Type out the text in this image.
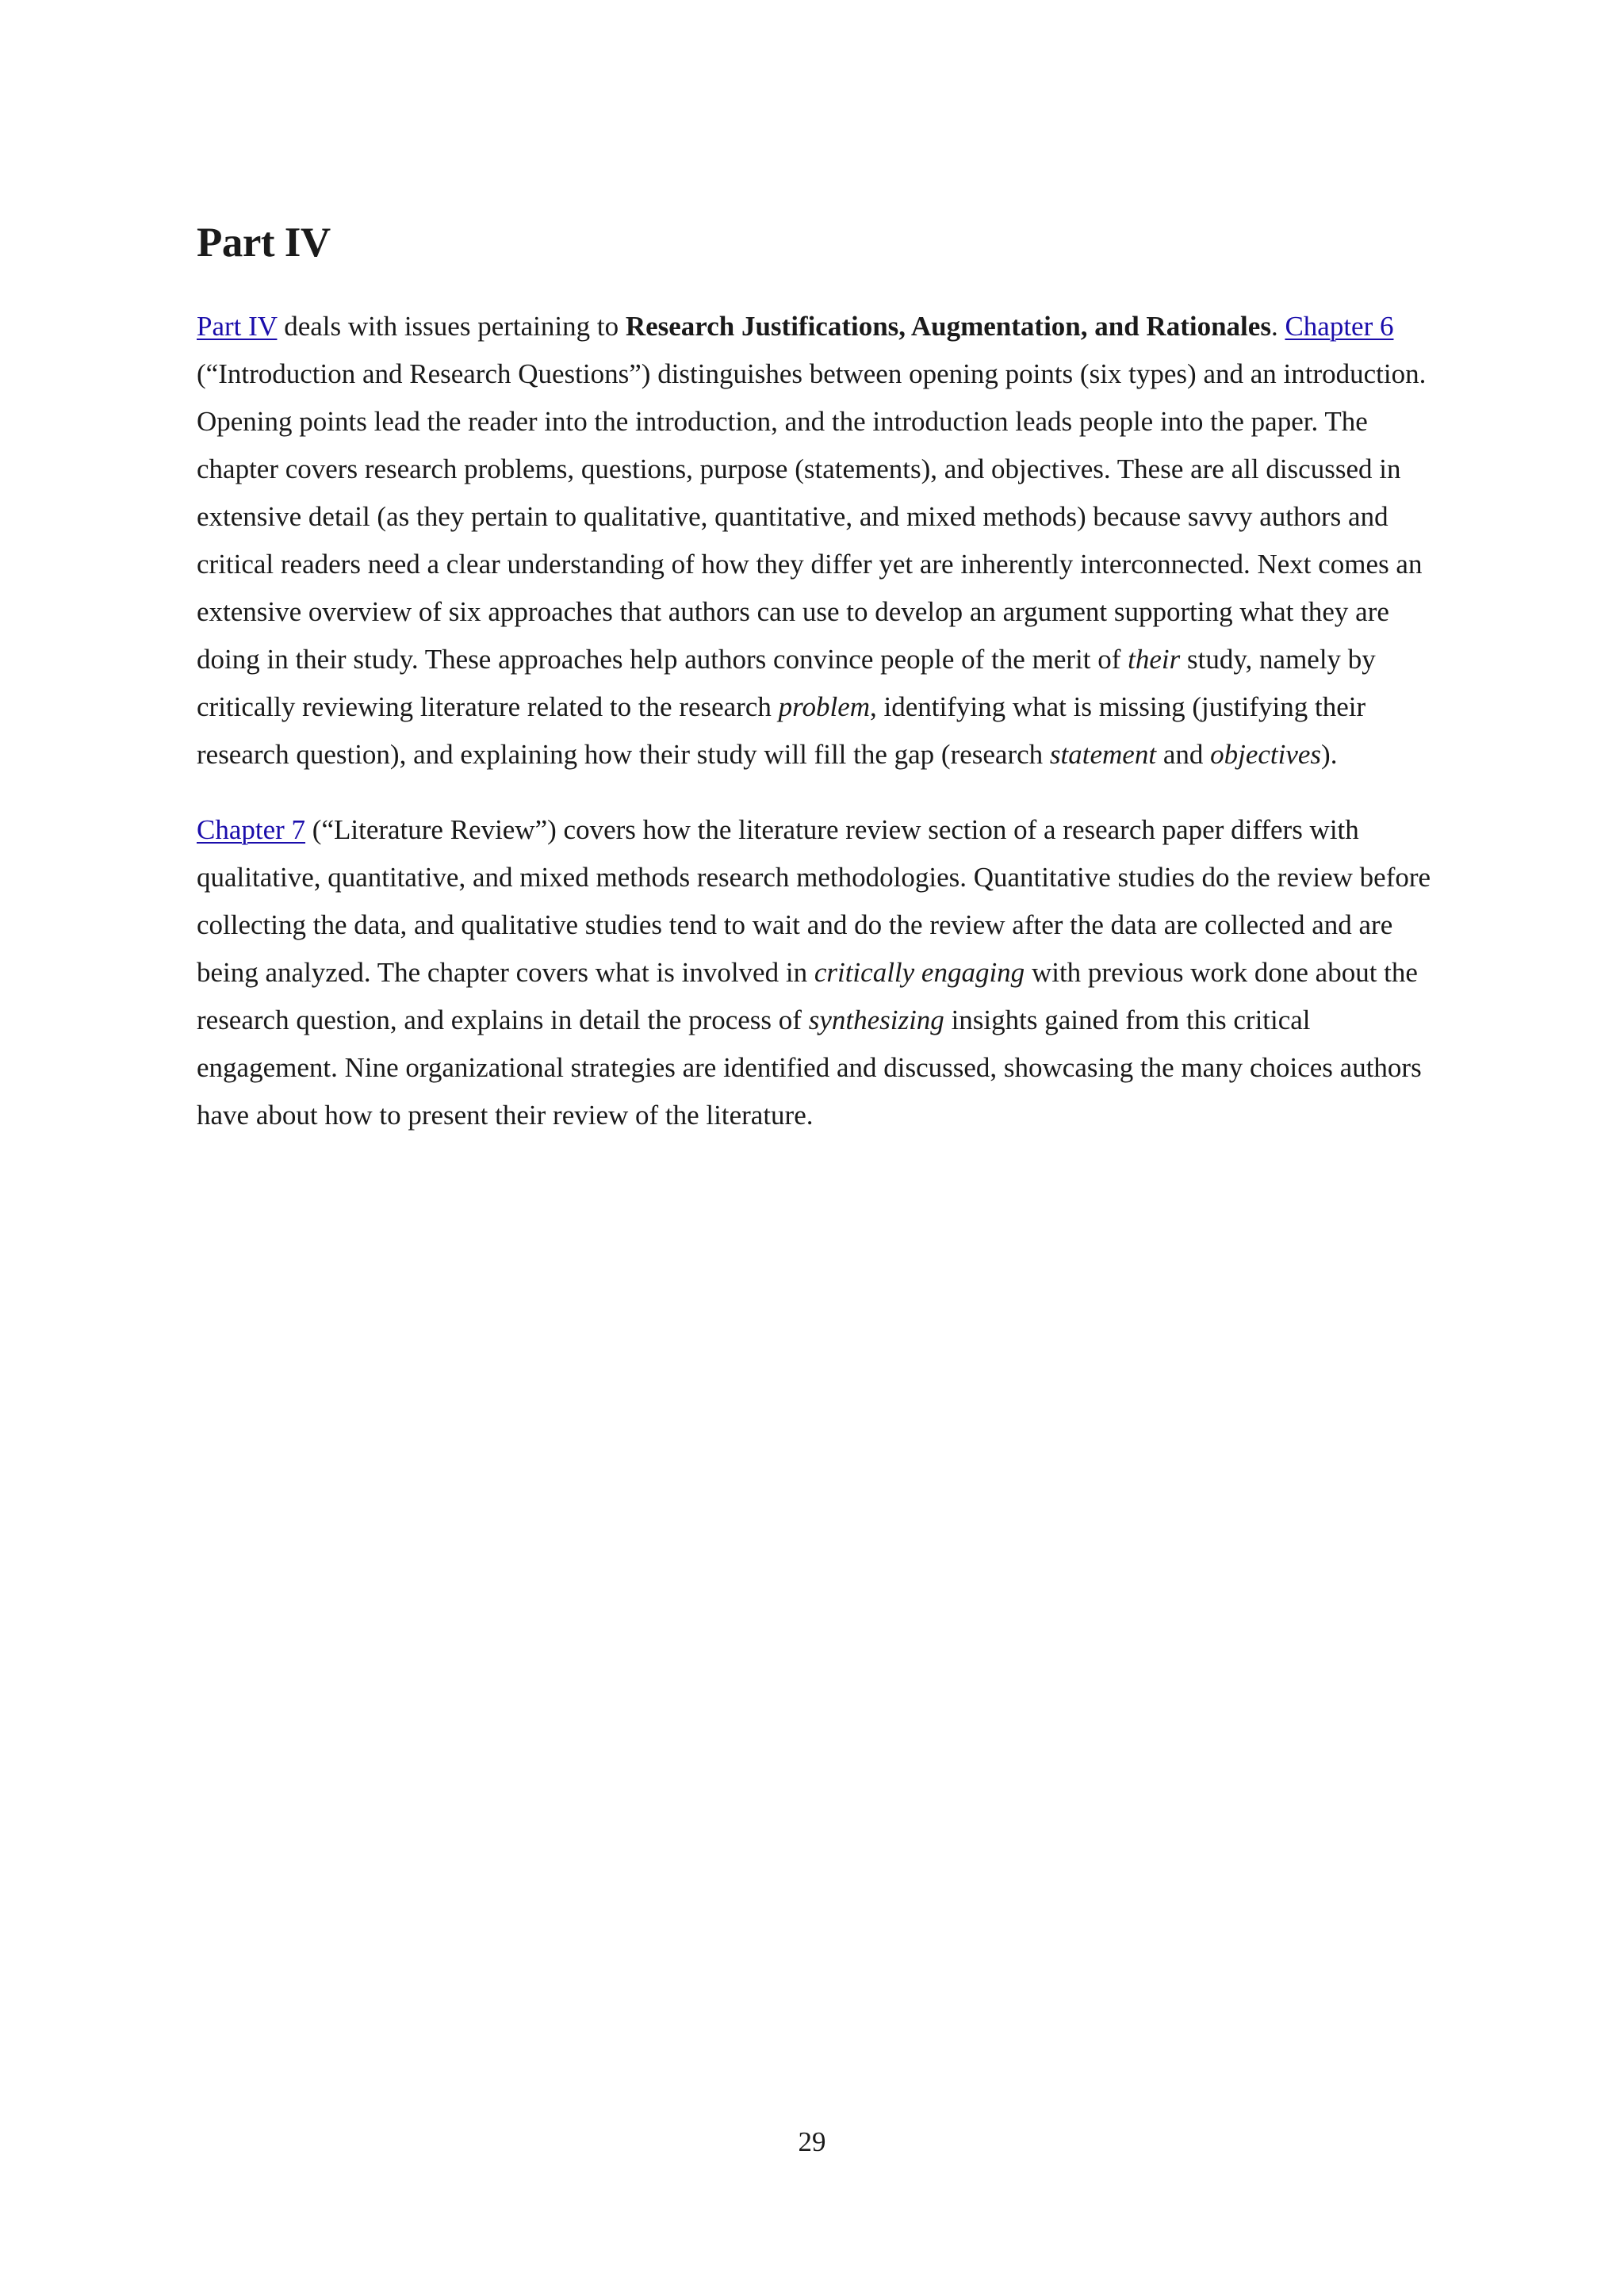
Part IV

Part IV deals with issues pertaining to Research Justifications, Augmentation, and Rationales. Chapter 6 (“Introduction and Research Questions”) distinguishes between opening points (six types) and an introduction. Opening points lead the reader into the introduction, and the introduction leads people into the paper. The chapter covers research problems, questions, purpose (statements), and objectives. These are all discussed in extensive detail (as they pertain to qualitative, quantitative, and mixed methods) because savvy authors and critical readers need a clear understanding of how they differ yet are inherently interconnected. Next comes an extensive overview of six approaches that authors can use to develop an argument supporting what they are doing in their study. These approaches help authors convince people of the merit of their study, namely by critically reviewing literature related to the research problem, identifying what is missing (justifying their research question), and explaining how their study will fill the gap (research statement and objectives).

Chapter 7 (“Literature Review”) covers how the literature review section of a research paper differs with qualitative, quantitative, and mixed methods research methodologies. Quantitative studies do the review before collecting the data, and qualitative studies tend to wait and do the review after the data are collected and are being analyzed. The chapter covers what is involved in critically engaging with previous work done about the research question, and explains in detail the process of synthesizing insights gained from this critical engagement. Nine organizational strategies are identified and discussed, showcasing the many choices authors have about how to present their review of the literature.

29
